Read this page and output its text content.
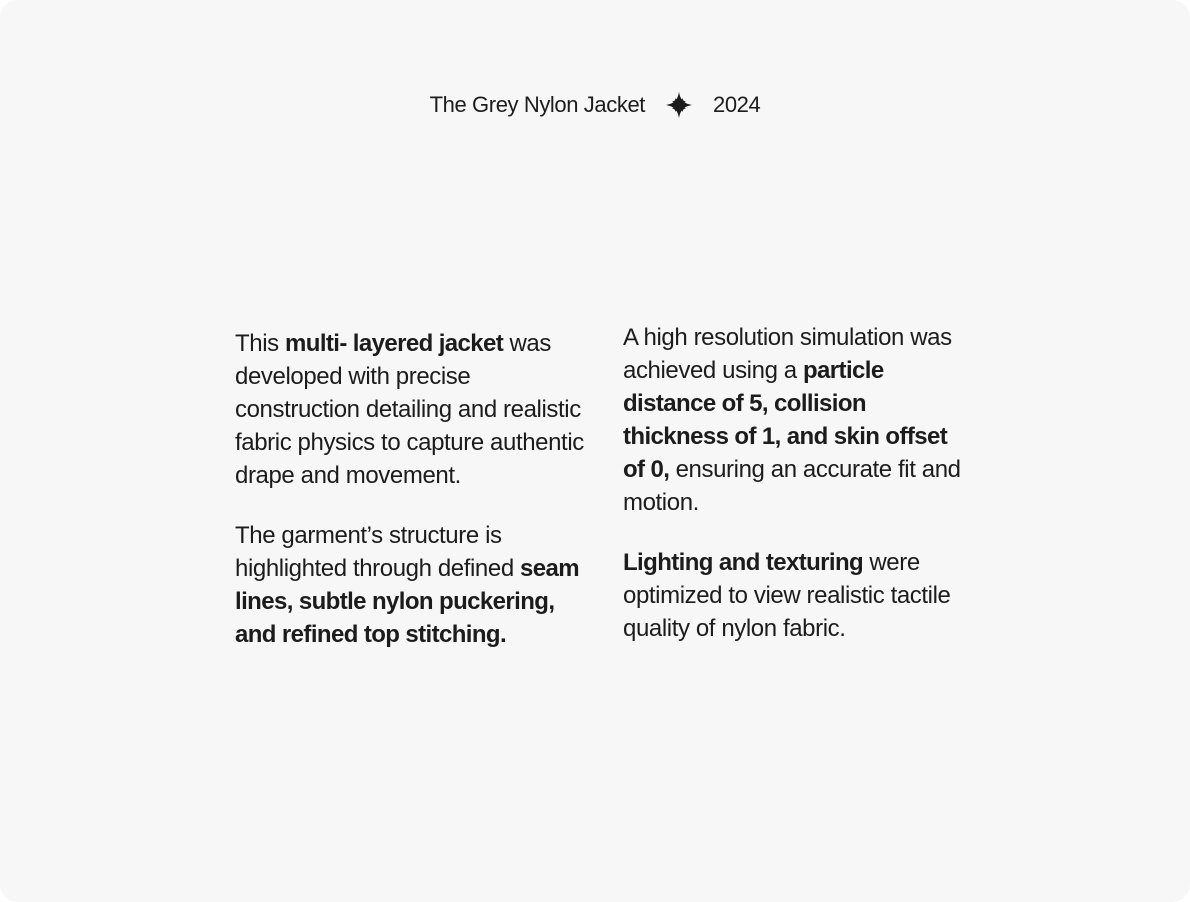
The Grey Nylon Jacket	2024

This multi- layered jacket was developed with precise construction detailing and realistic fabric physics to capture authentic drape and movement.

The garment’s structure is highlighted through defined seam lines, subtle nylon puckering, and refined top stitching.

A high resolution simulation was achieved using a particle distance of 5, collision thickness of 1, and skin offset of 0, ensuring an accurate fit and motion.

Lighting and texturing were optimized to view realistic tactile quality of nylon fabric.
